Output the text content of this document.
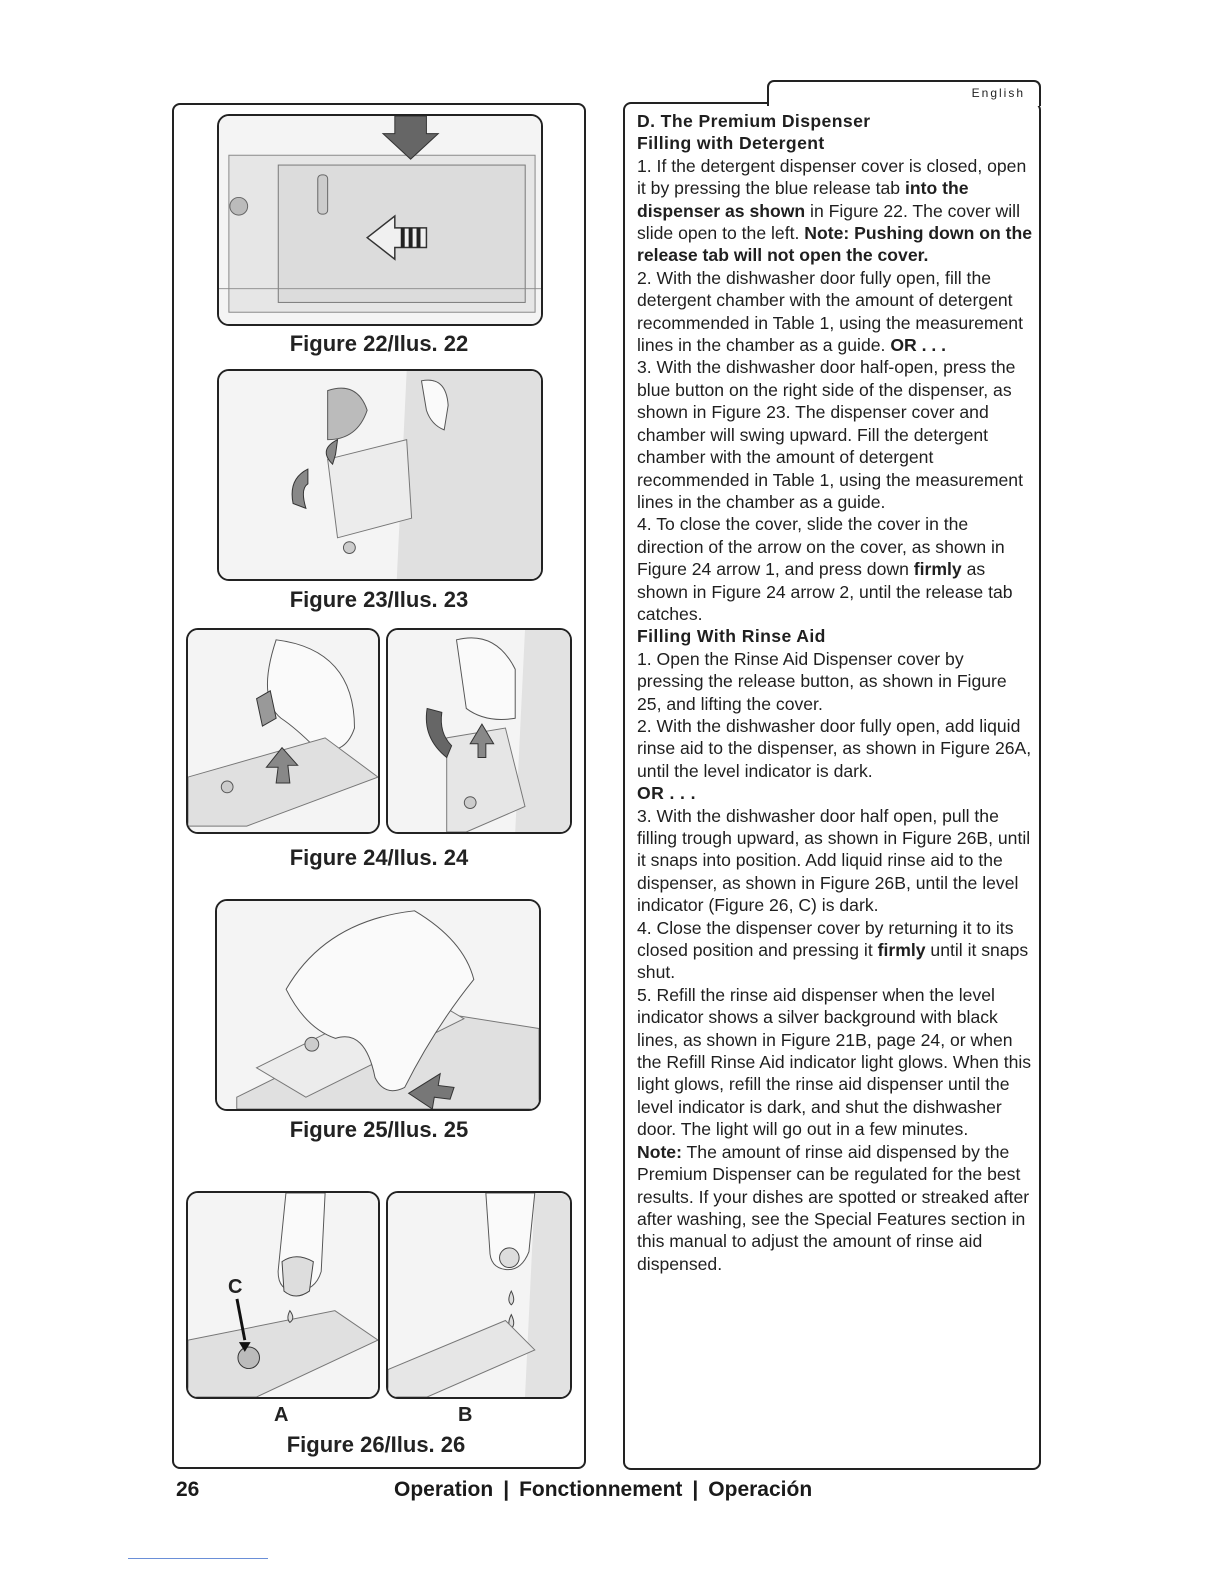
English
Figure 22/Ilus. 22
Figure 23/Ilus. 23
Figure 24/Ilus. 24
Figure 25/Ilus. 25
C
A	B
Figure 26/Ilus. 26

D. The Premium Dispenser

Filling with Detergent

1. If the detergent dispenser cover is closed, open it by pressing the blue release tab into the dispenser as shown in Figure 22. The cover will slide open to the left. Note: Pushing down on the release tab will not open the cover.

2. With the dishwasher door fully open, fill the detergent chamber with the amount of detergent recommended in Table 1, using the measurement lines in the chamber as a guide. OR . . .

3. With the dishwasher door half-open, press the blue button on the right side of the dispenser, as shown in Figure 23. The dispenser cover and chamber will swing upward. Fill the detergent chamber with the amount of detergent recommended in Table 1, using the measurement lines in the chamber as a guide.

4. To close the cover, slide the cover in the direction of the arrow on the cover, as shown in Figure 24 arrow 1, and press down firmly as shown in Figure 24 arrow 2, until the release tab catches.

Filling With Rinse Aid

1. Open the Rinse Aid Dispenser cover by pressing the release button, as shown in Figure 25, and lifting the cover.

2. With the dishwasher door fully open, add liquid rinse aid to the dispenser, as shown in Figure 26A, until the level indicator is dark.

OR . . .

3. With the dishwasher door half open, pull the filling trough upward, as shown in Figure 26B, until it snaps into position. Add liquid rinse aid to the dispenser, as shown in Figure 26B, until the level indicator (Figure 26, C) is dark.

4. Close the dispenser cover by returning it to its closed position and pressing it firmly until it snaps shut.

5. Refill the rinse aid dispenser when the level indicator shows a silver background with black lines, as shown in Figure 21B, page 24, or when the Refill Rinse Aid indicator light glows. When this light glows, refill the rinse aid dispenser until the level indicator is dark, and shut the dishwasher door. The light will go out in a few minutes.

Note: The amount of rinse aid dispensed by the Premium Dispenser can be regulated for the best results. If your dishes are spotted or streaked after after washing, see the Special Features section in this manual to adjust the amount of rinse aid dispensed.

26	Operation | Fonctionnement | Operación
